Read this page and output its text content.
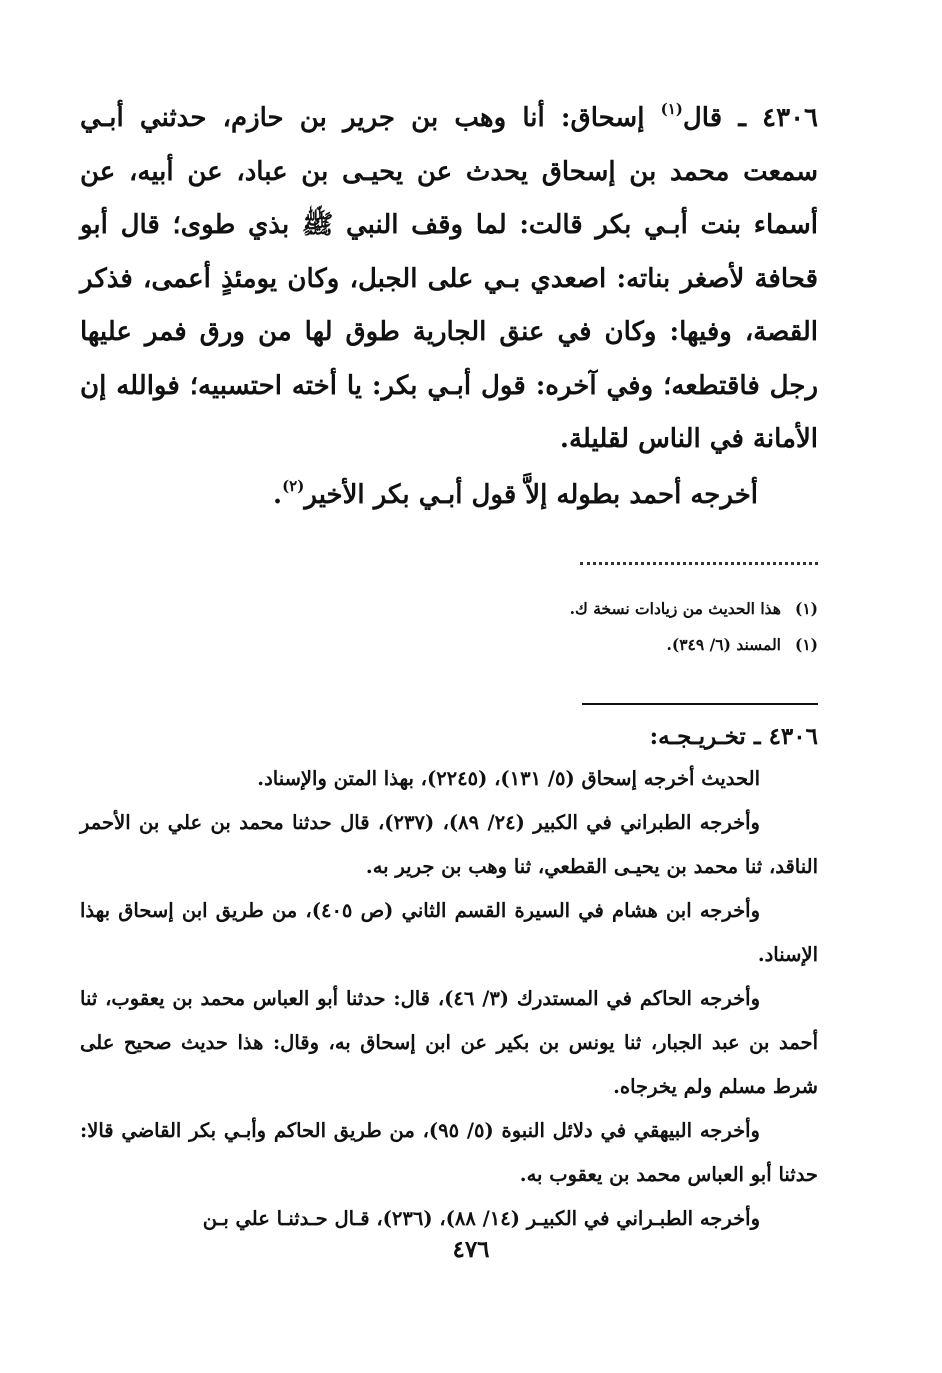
٤٣٠٦ ـ قال$^{(١)}$ إسحاق: أنا وهب بن جرير بن حازم، حدثني أبـي سمعت محمد بن إسحاق يحدث عن يحيـى بن عباد، عن أبيه، عن أسماء بنت أبـي بكر قالت: لما وقف النبي ﷺ بذي طوى؛ قال أبو قحافة لأصغر بناته: اصعدي بـي على الجبل، وكان يومئذٍ أعمى، فذكر القصة، وفيها: وكان في عنق الجارية طوق لها من ورق فمر عليها رجل فاقتطعه؛ وفي آخره: قول أبـي بكر: يا أخته احتسبيه؛ فوالله إن الأمانة في الناس لقليلة.

أخرجه أحمد بطوله إلاَّ قول أبـي بكر الأخير$^{(٢)}$.

(١)هذا الحديث من زيادات نسخة ك.
(١)المسند (٦/ ٣٤٩).
٤٣٠٦ ـ تخـريـجـه:

الحديث أخرجه إسحاق (٥/ ١٣١)، (٢٢٤٥)، بهذا المتن والإسناد.

وأخرجه الطبراني في الكبير (٢٤/ ٨٩)، (٢٣٧)، قال حدثنا محمد بن علي بن الأحمر الناقد، ثنا محمد بن يحيـى القطعي، ثنا وهب بن جرير به.

وأخرجه ابن هشام في السيرة القسم الثاني (ص ٤٠٥)، من طريق ابن إسحاق بهذا الإسناد.

وأخرجه الحاكم في المستدرك (٣/ ٤٦)، قال: حدثنا أبو العباس محمد بن يعقوب، ثنا أحمد بن عبد الجبار، ثنا يونس بن بكير عن ابن إسحاق به، وقال: هذا حديث صحيح على شرط مسلم ولم يخرجاه.

وأخرجه البيهقي في دلائل النبوة (٥/ ٩٥)، من طريق الحاكم وأبـي بكر القاضي قالا: حدثنا أبو العباس محمد بن يعقوب به.

وأخرجه الطبـراني في الكبيـر (١٤/ ٨٨)، (٢٣٦)، قـال حـدثنـا علي بـن

٤٧٦
